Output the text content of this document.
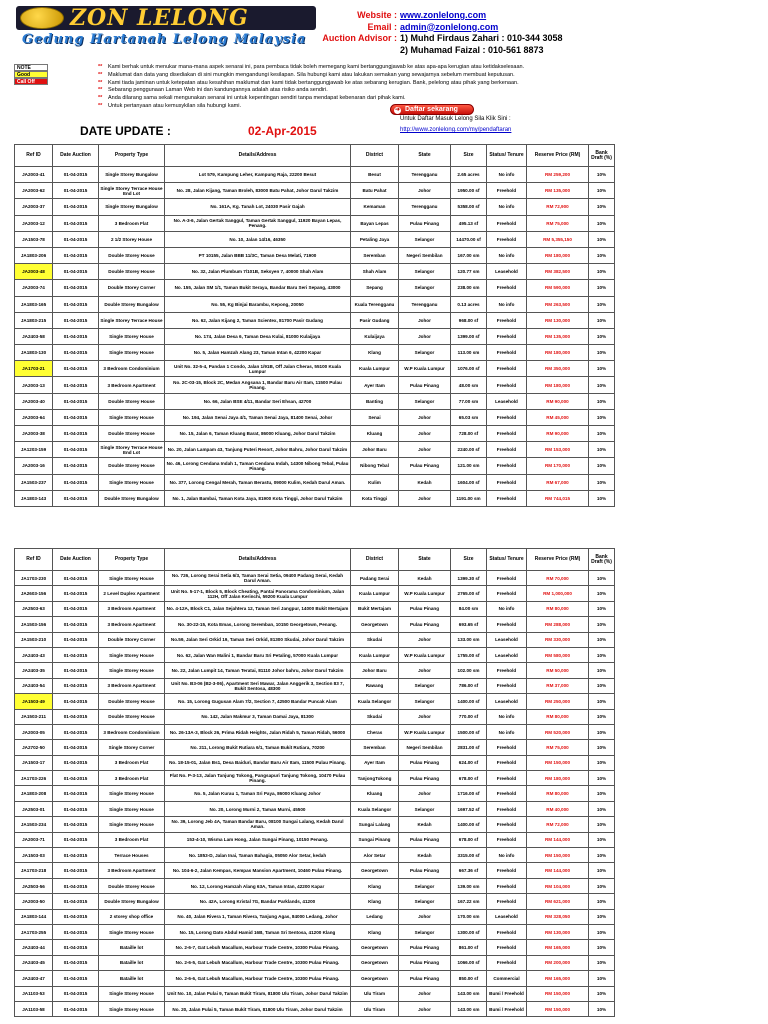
ZON LELONG
Gedung Hartanah Lelong Malaysia
Website : www.zonlelong.com
Email : admin@zonlelong.com
Auction Advisor : 1) Muhd Firdaus Zahari : 010-344 3058
2) Muhamad Faizal : 010-561 8873
NOTE
Good
Call Off
**	Kami berhak untuk menukar mana-mana aspek senarai ini, para pembaca tidak boleh memegang kami bertanggungjawab ke atas apa-apa kerugian atau ketidakselesaan.
**	Maklumat dan data yang disediakan di sini mungkin mengandungi kesilapan. Sila hubungi kami atau lakukan semakan yang sewajarnya sebelum membuat keputusan.
**	Kami tiada jaminan untuk ketepatan atau kesahihan maklumat dan kami tidak bertanggungjawab ke atas sebarang kerugian. Bank, pelelong atau pihak yang berkenaan.
**	Sebarang penggunaan Laman Web ini dan kandungannya adalah atas risiko anda sendiri.
**	Anda dilarang sama sekali mengunakan senarai ini untuk kepentingan sendiri tanpa mendapat kebenaran dari pihak kami.
**	Untuk pertanyaan atau kemusykilan sila hubungi kami.
➜ Daftar sekarang
Untuk Daftar Masuk Lelong Sila Klik Sini :
http://www.zonlelong.com/my/pendaftaran
DATE UPDATE :	02-Apr-2015
Ref ID	Date Auction	Property Type	Details/Address	District	State	Size	Status/ Tenure	Reserve Price (RM)	Bank Draft (%)
JA2003-41	01-04-2015	Single Storey Bungalow	Lot 579, Kampung Leher, Kampung Raja, 22200 Besut	Besut	Terengganu	2.65 acres	No info	RM 259,200	10%
JA2003-62	01-04-2015	Single Storey Terrace House End Lot	No. 28, Jalan Kijang, Taman Broleh, 83000 Batu Pahat, Johor Darul Takzim	Batu Pahat	Johor	1950.00 sf	Freehold	RM 135,000	10%
JA2003-37	01-04-2015	Single Storey Bungalow	No. 161A, Kg. Tanah Lot, 24030 Pasir Gajah	Kemaman	Terengganu	5358.00 sf	No info	RM 72,900	10%
JA2003-12	01-04-2015	3 Bedroom Flat	No. A-3-6, Jalan Gertak Sanggul, Taman Gertak Sanggul, 11920 Bayan Lepas, Penang.	Bayan Lepas	Pulau Pinang	495.13 sf	Freehold	RM 75,000	10%
JA1503-78	01-04-2015	2 1/2 Storey House	No. 10, Jalan 14/16, 46350	Petaling Jaya	Selangor	14470.00 sf	Freehold	RM 5,355,150	10%
JA1803-206	01-04-2015	Double Storey House	PT 10155, Jalan BBB 11/3C, Taman Desa Melati, 71900	Seremban	Negeri Sembilan	167.00 sm	No info	RM 180,000	10%
JA2003-48	01-04-2015	Double Storey House	No. 32, Jalan Plumbum 7/101B, Seksyen 7, 40000 Shah Alam	Shah Alam	Selangor	120.77 sm	Leasehold	RM 382,500	10%
JA2003-74	01-04-2015	Double Storey Corner	No. 155, Jalan SM 1/1, Taman Bukit Seraya, Bandar Baru Seri Sepang, 43000	Sepang	Selangor	238.00 sm	Freehold	RM 590,000	10%
JA1803-165	01-04-2015	Double Storey Bungalow	No. 55, Kg Binjai Barambu, Kepong, 20050	Kuala Terengganu	Terengganu	0.13 acres	No info	RM 263,500	10%
JA1803-215	01-04-2015	Single Storey Terrace House	No. 62, Jalan Kijang 2, Taman Scientex, 81700 Pasir Gudang	Pasir Gudang	Johor	968.00 sf	Freehold	RM 130,000	10%
JA2403-58	01-04-2015	Single Storey House	No. 174, Jalan Desa 6, Taman Desa Kulai, 81000 Kulaijaya	Kulaijaya	Johor	1399.00 sf	Freehold	RM 135,000	10%
JA1803-130	01-04-2015	Single Storey House	No. 5, Jalan Hamzah Alang 23, Taman Intan 6, 42200 Kapar	Klang	Selangor	113.00 sm	Freehold	RM 180,000	10%
JA1703-21	01-04-2015	3 Bedroom Condominium	Unit No. 32-5-4, Pandan 1 Condo, Jalan 1/91B, Off Jalan Cheras, 55100 Kuala Lumpur	Kuala Lumpur	W.P Kuala Lumpur	1076.00 sf	Freehold	RM 350,000	10%
JA2003-13	01-04-2015	3 Bedroom Apartment	No. 2C-03-15, Block 2C, Medan Angsana 1, Bandar Baru Air Itam, 11500 Pulau Pinang.	Ayer Itam	Pulau Pinang	48.00 sm	Freehold	RM 180,000	10%
JA2003-40	01-04-2015	Double Storey House	No. 66, Jalan BSE 4/11, Bandar Seri Ehsan, 42700	Banting	Selangor	77.00 sm	Leasehold	RM 90,000	10%
JA2003-64	01-04-2015	Single Storey House	No. 194, Jalan Senai Jaya 4/1, Taman Senai Jaya, 81400 Senai, Johor	Senai	Johor	65.03 sm	Freehold	RM 45,000	10%
JA2003-38	01-04-2015	Double Storey House	No. 15, Jalan 6, Taman Kluang Barat, 86000 Kluang, Johor Darul Takzim	Kluang	Johor	728.00 sf	Freehold	RM 90,000	10%
JA1203-159	01-04-2015	Single Storey Terrace House End Lot	No. 20, Jalan Lampam 43, Tanjung Puteri Resort, Johor Bahru, Johor Darul Takzim	Johor Baru	Johor	2240.00 sf	Freehold	RM 153,000	10%
JA2003-16	01-04-2015	Double Storey House	No. 46, Lorong Cendana Indah 1, Taman Cendana Indah, 14300 Nibong Tebal, Pulau Pinang.	Nibong Tebal	Pulau Pinang	121.00 sm	Freehold	RM 170,000	10%
JA1503-237	01-04-2015	Single Storey House	No. 377, Lorong Cengal Merah, Taman Berastu, 09000 Kulim, Kedah Darul Aman.	Kulim	Kedah	1604.00 sf	Freehold	RM 67,000	10%
JA1803-143	01-04-2015	Double Storey Bungalow	No. 1, Jalan Bambai, Taman Kota Jaya, 81900 Kota Tinggi, Johor Darul Takzim	Kota Tinggi	Johor	1191.00 sm	Freehold	RM 744,015	10%
Ref ID	Date Auction	Property Type	Details/Address	District	State	Size	Status/ Tenure	Reserve Price (RM)	Bank Draft (%)
JA1703-230	01-04-2015	Single Storey House	No. 726, Lorong Serai Setia 6/3, Taman Serai Setia, 09400 Padang Serai, Kedah Darul Aman.	Padang Serai	Kedah	1399.30 sf	Freehold	RM 70,000	10%
JA2603-156	01-04-2015	2 Level Duplex Apartment	Unit No. 5-17-1, Block 5, Block Cheating, Pantai Panorama Condominium, Jalan 112H, Off Jalan Kerinchi, 59200 Kuala Lumpur	Kuala Lumpur	W.P Kuala Lumpur	2765.00 sf	Freehold	RM 1,000,000	10%
JA2503-63	01-04-2015	3 Bedroom Apartment	No. 4-12A, Block C1, Jalan Sejahtera 12, Taman Seri Jangpur, 14000 Bukit Mertajam	Bukit Mertajam	Pulau Pinang	84.00 sm	No info	RM 80,000	10%
JA1503-156	01-04-2015	3 Bedroom Apartment	No. 30-22-15, Kota Emas, Lorong Seremban, 10150 Georgetown, Penang.	Georgetown	Pulau Pinang	693.65 sf	Freehold	RM 288,000	10%
JA1503-210	01-04-2015	Double Storey Corner	No.59, Jalan Seri Orkid 19, Taman Seri Orkid, 81300 Skudai, Johor Darul Takzim	Skudai	Johor	133.00 sm	Leasehold	RM 330,000	10%
JA2403-43	01-04-2015	Single Storey House	No. 62, Jalan Wan Malini 1, Bandar Baru Sri Petaling, 57000 Kuala Lumpur	Kuala Lumpur	W.P Kuala Lumpur	1755.00 sf	Leasehold	RM 580,000	10%
JA2403-35	01-04-2015	Single Storey House	No. 22, Jalan Lumpit 14, Taman Teratai, 81110 Johor bahru, Johor Darul Takzim	Johor Baru	Johor	102.00 sm	Freehold	RM 50,000	10%
JA2403-54	01-04-2015	3 Bedroom Apartment	Unit No. B3-06 (B2-3-06), Apartment Seri Mawar, Jalan Anggerik 3, Section 83 7, Bukit Sentosa, 48300	Rawang	Selangor	786.00 sf	Freehold	RM 37,000	10%
JA1503-49	01-04-2015	Double Storey House	No. 15, Lorong Gugusan Alam 7/2, Section 7, 42500 Bandar Puncak Alam	Kuala Selangor	Selangor	1400.00 sf	Leasehold	RM 250,000	10%
JA1503-211	01-04-2015	Double Storey House	No. 142, Jalan Makmur 3, Taman Damai Jaya, 81300	Skudai	Johor	770.00 sf	No info	RM 80,000	10%
JA2003-05	01-04-2015	3 Bedroom Condominium	No. 26-13A-3, Block 26, Prima Ridah Heights, Jalan Ridah 5, Taman Ridah, 56000	Cheras	W.P Kuala Lumpur	1500.00 sf	No info	RM 520,000	10%
JA2702-50	01-04-2015	Single Storey Corner	No. 211, Lorong Bukit Rutiara 6/1, Taman Bukit Rutiara, 70200	Seremban	Negeri Sembilan	2831.00 sf	Freehold	RM 75,000	10%
JA1503-17	01-04-2015	3 Bedroom Flat	No. 18-15-01, Jalan Bs1, Desa Baiduri, Bandar Baru Air Itam, 11500 Pulau Pinang.	Ayer Itam	Pulau Pinang	624.00 sf	Freehold	RM 150,000	10%
JA1703-226	01-04-2015	3 Bedroom Flat	Flat No. P-3-13, Jalan Tanjung Tokong, Pangsapuri Tanjung Tokong, 10470 Pulau Pinang.	TanjongTokong	Pulau Pinang	678.00 sf	Freehold	RM 180,000	10%
JA1803-208	01-04-2015	Single Storey House	No. 5, Jalan Kurau 1, Taman Sri Paya, 86000 Kluang Johor	Kluang	Johor	1716.00 sf	Freehold	RM 80,000	10%
JA2503-01	01-04-2015	Single Storey House	No. 20, Lorong Murni 2, Taman Murni, 45500	Kuala Selangor	Selangor	1697.52 sf	Freehold	RM 40,000	10%
JA1503-234	01-04-2015	Single Storey House	No. 39, Lorong Jeb 4A, Taman Bandar Baru, 08100 Sungai Lalang, Kedah Darul Aman.	Sungai Lalang	Kedah	1400.00 sf	Freehold	RM 72,000	10%
JA2003-71	01-04-2015	3 Bedroom Flat	153-4-10, Wisma Lam Hong, Jalan Sungai Pinang, 10150 Penang.	Sungai Pinang	Pulau Pinang	678.00 sf	Freehold	RM 144,000	10%
JA1503-03	01-04-2015	Terrace Houses	No. 1853-D, Jalan Inai, Taman Bahagia, 05050 Alor Setar, kedah	Alor Setar	Kedah	3315.00 sf	No info	RM 150,000	10%
JA1703-218	01-04-2015	3 Bedroom Apartment	No. 104-6-2, Jalan Kempas, Kempas Mansion Apartment, 10460 Pulau Pinang.	Georgetown	Pulau Pinang	667.36 sf	Freehold	RM 144,000	10%
JA2503-56	01-04-2015	Double Storey House	No. 12, Lorong Hamzah Alang 63A, Taman Intan, 42200 Kapar	Klang	Selangor	139.00 sm	Freehold	RM 104,000	10%
JA2003-50	01-04-2015	Double Storey Bungalow	No. 42A, Lorong Kristal 7G, Bandar Parklands, 41200	Klang	Selangor	167.22 sm	Freehold	RM 621,000	10%
JA1803-144	01-04-2015	2 storey shop office	No. 40, Jalan Rivera 1, Taman Rivera, Tanjung Agas, 84000 Ledang, Johor	Ledang	Johor	170.00 sm	Leasehold	RM 328,050	10%
JA1703-255	01-04-2015	Single Storey House	No. 15, Lorong Dato Abdul Hamid 16B, Taman Sri Sentosa, 41200 Klang	Klang	Selangor	1300.00 sf	Freehold	RM 130,000	10%
JA2403-44	01-04-2015	Bataille lot	No. 2-6-7, Gat Lebuh Macallum, Harbour Trade Centre, 10300 Pulau Pinang.	Georgetown	Pulau Pinang	861.00 sf	Freehold	RM 165,000	10%
JA2403-45	01-04-2015	Bataille lot	No. 2-6-5, Gat Lebuh Macallum, Harbour Trade Centre, 10300 Pulau Pinang.	Georgetown	Pulau Pinang	1066.00 sf	Freehold	RM 200,000	10%
JA2403-47	01-04-2015	Bataille lot	No. 2-6-6, Gat Lebuh Macallum, Harbour Trade Centre, 10300 Pulau Pinang.	Georgetown	Pulau Pinang	850.00 sf	Commercial	RM 165,000	10%
JA1103-53	01-04-2015	Single Storey House	Unit No. 10, Jalan Pulai 9, Taman Bukit Tiram, 81800 Ulu Tiram, Johor Darul Takzim	Ulu Tiram	Johor	143.00 sm	Bumi / Freehold	RM 150,000	10%
JA1103-58	01-04-2015	Single Storey House	No. 20, Jalan Pulai 5, Taman Bukit Tiram, 81800 Ulu Tiram, Johor Darul Takzim	Ulu Tiram	Johor	143.00 sm	Bumi / Freehold	RM 150,000	10%
